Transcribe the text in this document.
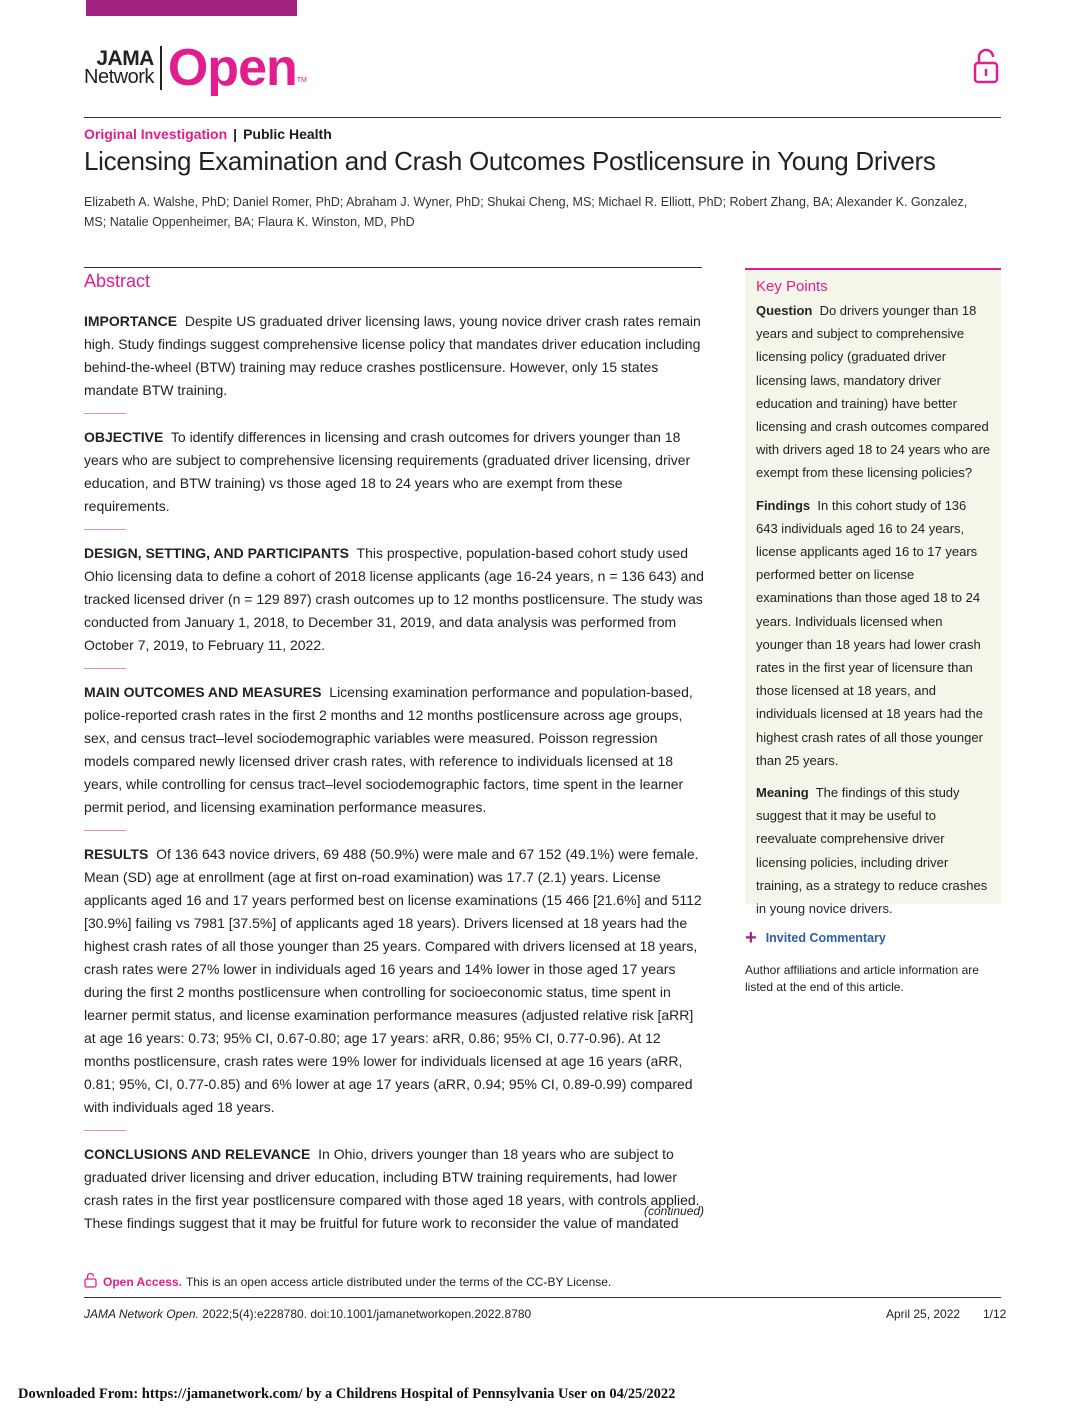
JAMA
Network Open TM
Original Investigation | Public Health
Licensing Examination and Crash Outcomes Postlicensure in Young Drivers
Elizabeth A. Walshe, PhD; Daniel Romer, PhD; Abraham J. Wyner, PhD; Shukai Cheng, MS; Michael R. Elliott, PhD; Robert Zhang, BA; Alexander K. Gonzalez, MS; Natalie Oppenheimer, BA; Flaura K. Winston, MD, PhD
Abstract

IMPORTANCE Despite US graduated driver licensing laws, young novice driver crash rates remain high. Study findings suggest comprehensive license policy that mandates driver education including behind-the-wheel (BTW) training may reduce crashes postlicensure. However, only 15 states mandate BTW training.

OBJECTIVE To identify differences in licensing and crash outcomes for drivers younger than 18 years who are subject to comprehensive licensing requirements (graduated driver licensing, driver education, and BTW training) vs those aged 18 to 24 years who are exempt from these requirements.

DESIGN, SETTING, AND PARTICIPANTS This prospective, population-based cohort study used Ohio licensing data to define a cohort of 2018 license applicants (age 16-24 years, n = 136 643) and tracked licensed driver (n = 129 897) crash outcomes up to 12 months postlicensure. The study was conducted from January 1, 2018, to December 31, 2019, and data analysis was performed from October 7, 2019, to February 11, 2022.

MAIN OUTCOMES AND MEASURES Licensing examination performance and population-based, police-reported crash rates in the first 2 months and 12 months postlicensure across age groups, sex, and census tract–level sociodemographic variables were measured. Poisson regression models compared newly licensed driver crash rates, with reference to individuals licensed at 18 years, while controlling for census tract–level sociodemographic factors, time spent in the learner permit period, and licensing examination performance measures.

RESULTS Of 136 643 novice drivers, 69 488 (50.9%) were male and 67 152 (49.1%) were female. Mean (SD) age at enrollment (age at first on-road examination) was 17.7 (2.1) years. License applicants aged 16 and 17 years performed best on license examinations (15 466 [21.6%] and 5112 [30.9%] failing vs 7981 [37.5%] of applicants aged 18 years). Drivers licensed at 18 years had the highest crash rates of all those younger than 25 years. Compared with drivers licensed at 18 years, crash rates were 27% lower in individuals aged 16 years and 14% lower in those aged 17 years during the first 2 months postlicensure when controlling for socioeconomic status, time spent in learner permit status, and license examination performance measures (adjusted relative risk [aRR] at age 16 years: 0.73; 95% CI, 0.67-0.80; age 17 years: aRR, 0.86; 95% CI, 0.77-0.96). At 12 months postlicensure, crash rates were 19% lower for individuals licensed at age 16 years (aRR, 0.81; 95%, CI, 0.77-0.85) and 6% lower at age 17 years (aRR, 0.94; 95% CI, 0.89-0.99) compared with individuals aged 18 years.

CONCLUSIONS AND RELEVANCE In Ohio, drivers younger than 18 years who are subject to graduated driver licensing and driver education, including BTW training requirements, had lower crash rates in the first year postlicensure compared with those aged 18 years, with controls applied. These findings suggest that it may be fruitful for future work to reconsider the value of mandated

(continued)
Key Points

Question Do drivers younger than 18 years and subject to comprehensive licensing policy (graduated driver licensing laws, mandatory driver education and training) have better licensing and crash outcomes compared with drivers aged 18 to 24 years who are exempt from these licensing policies?

Findings In this cohort study of 136 643 individuals aged 16 to 24 years, license applicants aged 16 to 17 years performed better on license examinations than those aged 18 to 24 years. Individuals licensed when younger than 18 years had lower crash rates in the first year of licensure than those licensed at 18 years, and individuals licensed at 18 years had the highest crash rates of all those younger than 25 years.

Meaning The findings of this study suggest that it may be useful to reevaluate comprehensive driver licensing policies, including driver training, as a strategy to reduce crashes in young novice drivers.

+ Invited Commentary
Author affiliations and article information are listed at the end of this article.
Open Access. This is an open access article distributed under the terms of the CC-BY License.
JAMA Network Open. 2022;5(4):e228780. doi:10.1001/jamanetworkopen.2022.8780	April 25, 2022 1/12
Downloaded From: https://jamanetwork.com/ by a Childrens Hospital of Pennsylvania User on 04/25/2022
